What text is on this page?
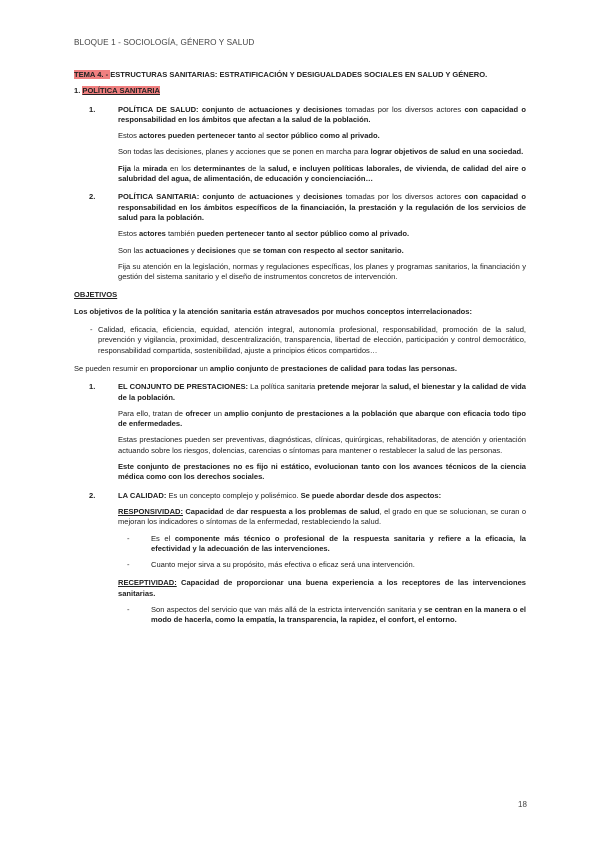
BLOQUE 1 - SOCIOLOGÍA, GÉNERO Y SALUD

TEMA 4. - ESTRUCTURAS SANITARIAS: ESTRATIFICACIÓN Y DESIGUALDADES SOCIALES EN SALUD Y GÉNERO.

1. POLÍTICA SANITARIA

1.	POLÍTICA DE SALUD: conjunto de actuaciones y decisiones tomadas por los diversos actores con capacidad o responsabilidad en los ámbitos que afectan a la salud de la población.

Estos actores pueden pertenecer tanto al sector público como al privado.

Son todas las decisiones, planes y acciones que se ponen en marcha para lograr objetivos de salud en una sociedad.

Fija la mirada en los determinantes de la salud, e incluyen políticas laborales, de vivienda, de calidad del aire o salubridad del agua, de alimentación, de educación y concienciación…

2.	POLÍTICA SANITARIA: conjunto de actuaciones y decisiones tomadas por los diversos actores con capacidad o responsabilidad en los ámbitos específicos de la financiación, la prestación y la regulación de los servicios de salud para la población.

Estos actores también pueden pertenecer tanto al sector público como al privado.

Son las actuaciones y decisiones que se toman con respecto al sector sanitario.

Fija su atención en la legislación, normas y regulaciones específicas, los planes y programas sanitarios, la financiación y gestión del sistema sanitario y el diseño de instrumentos concretos de intervención.

OBJETIVOS

Los objetivos de la política y la atención sanitaria están atravesados por muchos conceptos interrelacionados:

- Calidad, eficacia, eficiencia, equidad, atención integral, autonomía profesional, responsabilidad, promoción de la salud, prevención y vigilancia, proximidad, descentralización, transparencia, libertad de elección, participación y control democrático, responsabilidad compartida, sostenibilidad, ajuste a principios éticos compartidos…

Se pueden resumir en proporcionar un amplio conjunto de prestaciones de calidad para todas las personas.

1.	EL CONJUNTO DE PRESTACIONES: La política sanitaria pretende mejorar la salud, el bienestar y la calidad de vida de la población.

Para ello, tratan de ofrecer un amplio conjunto de prestaciones a la población que abarque con eficacia todo tipo de enfermedades.

Estas prestaciones pueden ser preventivas, diagnósticas, clínicas, quirúrgicas, rehabilitadoras, de atención y orientación actuando sobre los riesgos, dolencias, carencias o síntomas para mantener o restablecer la salud de las personas.

Este conjunto de prestaciones no es fijo ni estático, evolucionan tanto con los avances técnicos de la ciencia médica como con los derechos sociales.

2.	LA CALIDAD: Es un concepto complejo y polisémico. Se puede abordar desde dos aspectos:

RESPONSIVIDAD: Capacidad de dar respuesta a los problemas de salud, el grado en que se solucionan, se curan o mejoran los indicadores o síntomas de la enfermedad, restableciendo la salud.

-	Es el componente más técnico o profesional de la respuesta sanitaria y refiere a la eficacia, la efectividad y la adecuación de las intervenciones.

-	Cuanto mejor sirva a su propósito, más efectiva o eficaz será una intervención.

RECEPTIVIDAD: Capacidad de proporcionar una buena experiencia a los receptores de las intervenciones sanitarias.

-	Son aspectos del servicio que van más allá de la estricta intervención sanitaria y se centran en la manera o el modo de hacerla, como la empatía, la transparencia, la rapidez, el confort, el entorno.

18
